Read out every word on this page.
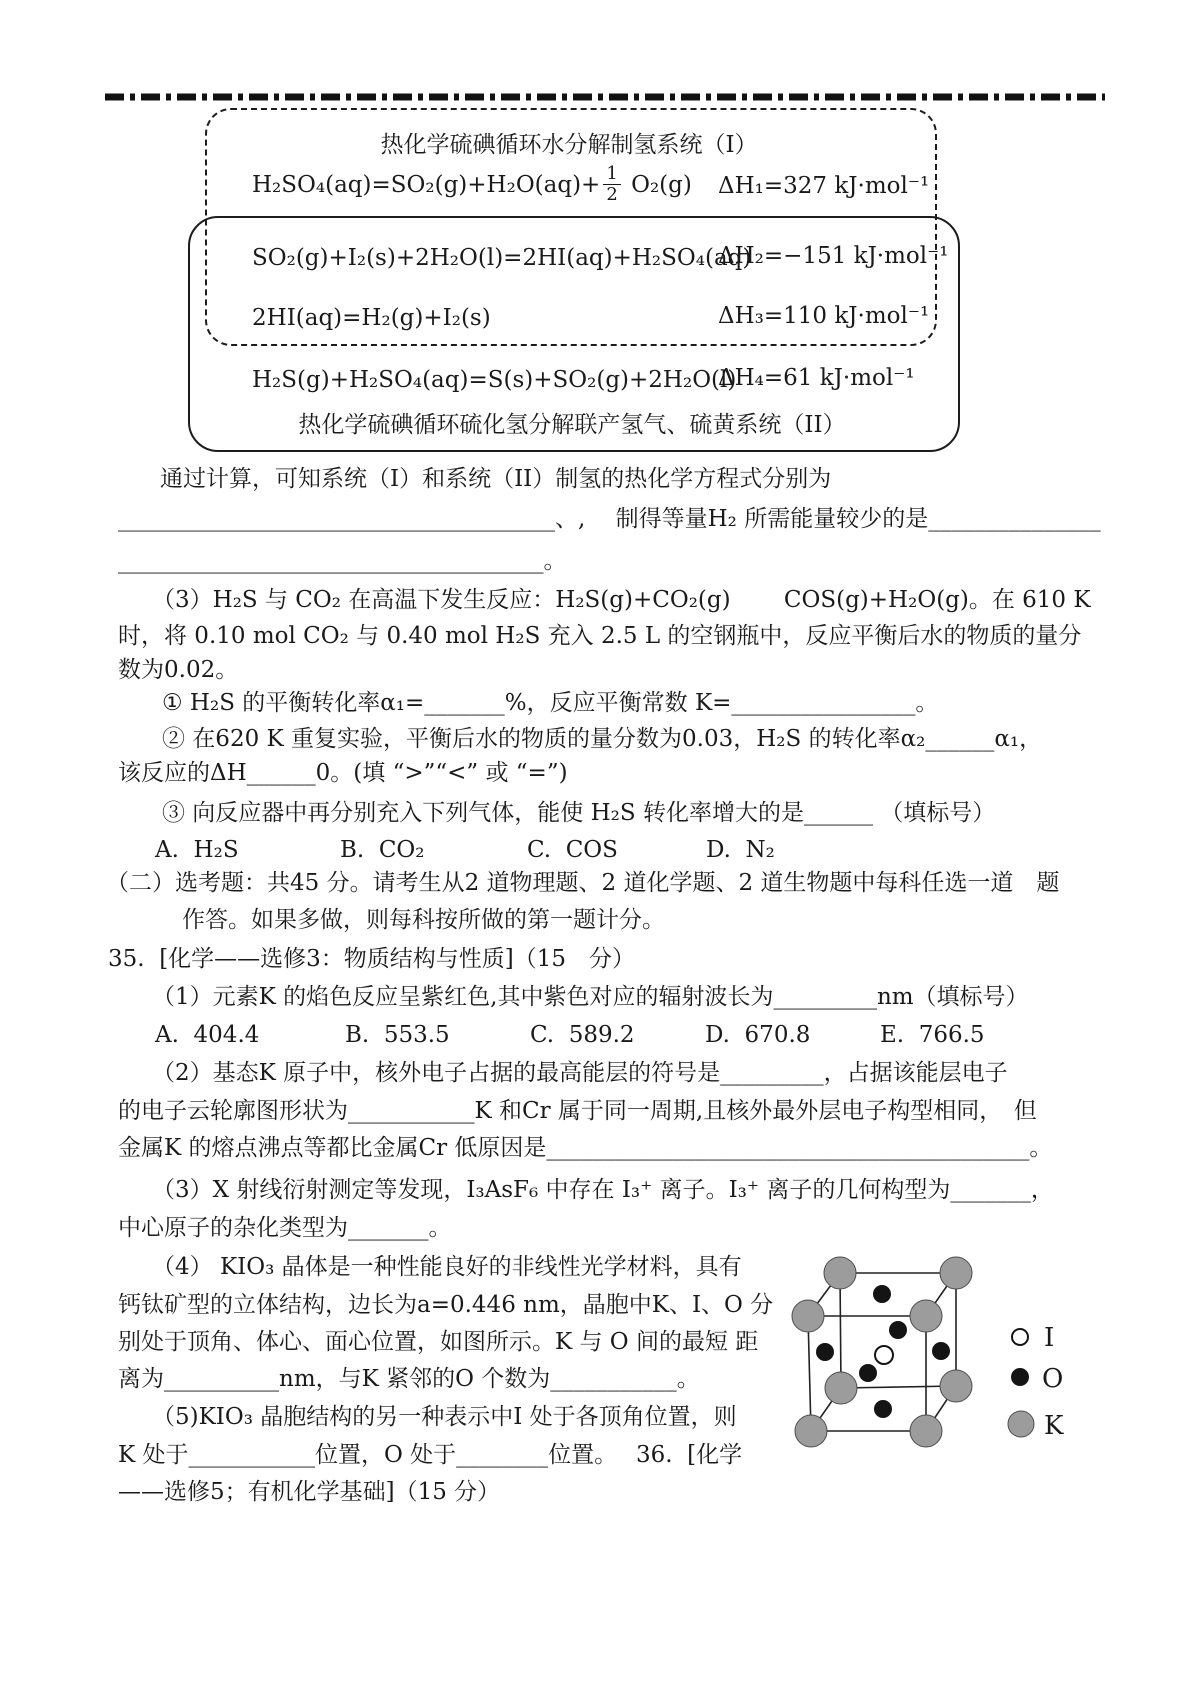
热化学硫碘循环水分解制氢系统（I）
$H_2SO_4(aq)=SO_2(g)+H_2O(aq)+ \frac{1}{2} O_2(g)$ ΔH₁=327 kJ·mol⁻¹
SO₂(g)+I₂(s)+2H₂O(l)=2HI(aq)+H₂SO₄(aq)
ΔH₂=−151 kJ·mol⁻¹
2HI(aq)=H₂(g)+I₂(s)	ΔH₃=110 kJ·mol⁻¹
H₂S(g)+H₂SO₄(aq)=S(s)+SO₂(g)+2H₂O(l)
ΔH₄=61 kJ·mol⁻¹
热化学硫碘循环硫化氢分解联产氢气、硫黄系统（II）
通过计算，可知系统（I）和系统（II）制氢的热化学方程式分别为
______________________________________、,　 制得等量H₂ 所需能量较少的是_______________
_____________________________________。
（3）H₂S 与 CO₂ 在高温下发生反应：H₂S(g)+CO₂(g)　　 COS(g)+H₂O(g)。在 610 K
时，将 0.10 mol CO₂ 与 0.40 mol H₂S 充入 2.5 L 的空钢瓶中，反应平衡后水的物质的量分
数为0.02。
① H₂S 的平衡转化率α₁=_______%，反应平衡常数 K=________________。
② 在620 K 重复实验，平衡后水的物质的量分数为0.03，H₂S 的转化率α₂______α₁，
该反应的ΔH______0。(填 “>”“<” 或 “=”)
③ 向反应器中再分别充入下列气体，能使 H₂S 转化率增大的是______ （填标号）
A.  H₂S	B.  CO₂	C.  COS	D.  N₂
（二）选考题：共45 分。请考生从2 道物理题、2 道化学题、2 道生物题中每科任选一道　题
作答。如果多做，则每科按所做的第一题计分。
35.  [化学——选修3：物质结构与性质]（15　分）
（1）元素K 的焰色反应呈紫红色,其中紫色对应的辐射波长为_________nm（填标号）
A.  404.4	B.  553.5	C.  589.2	D.  670.8	E.  766.5
（2）基态K 原子中，核外电子占据的最高能层的符号是_________，占据该能层电子
的电子云轮廓图形状为___________K 和Cr 属于同一周期,且核外最外层电子构型相同，　但
金属K 的熔点沸点等都比金属Cr 低原因是__________________________________________。
（3）X 射线衍射测定等发现，I₃AsF₆ 中存在 I₃⁺ 离子。I₃⁺ 离子的几何构型为_______，
中心原子的杂化类型为_______。
（4） KIO₃ 晶体是一种性能良好的非线性光学材料，具有
钙钛矿型的立体结构，边长为a=0.446 nm，晶胞中K、I、O 分
别处于顶角、体心、面心位置，如图所示。K 与 O 间的最短 距
离为__________nm，与K 紧邻的O 个数为___________。
（5)KIO₃ 晶胞结构的另一种表示中I 处于各顶角位置，则
K 处于___________位置，O 处于________位置。　 36.  [化学
——选修5；有机化学基础]（15 分）
I
O
K
